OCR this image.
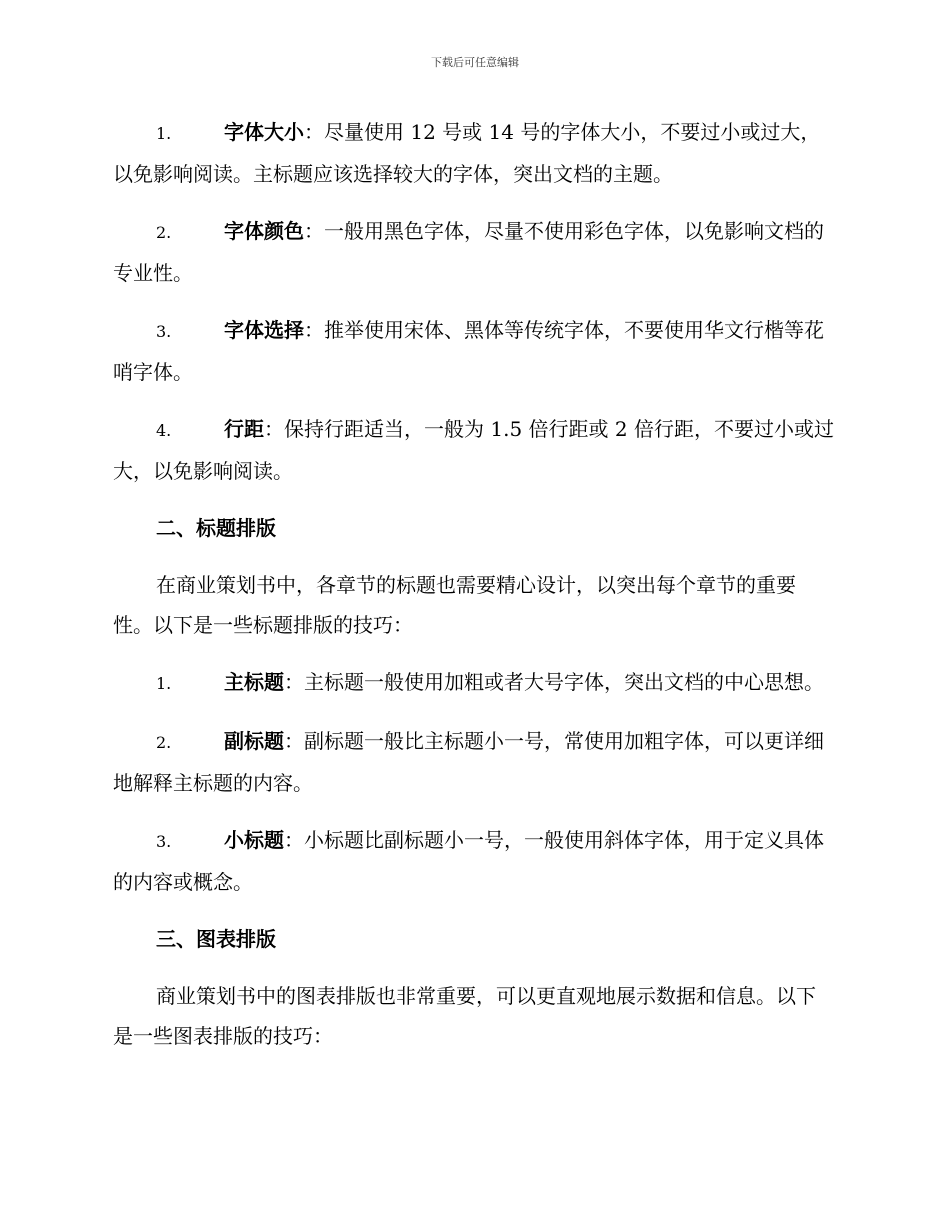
下载后可任意编辑

1.	字体大小：尽量使用 12 号或 14 号的字体大小，不要过小或过大，以免影响阅读。主标题应该选择较大的字体，突出文档的主题。

2.	字体颜色：一般用黑色字体，尽量不使用彩色字体，以免影响文档的专业性。

3.	字体选择：推举使用宋体、黑体等传统字体，不要使用华文行楷等花哨字体。

4.	行距：保持行距适当，一般为 1.5 倍行距或 2 倍行距，不要过小或过大，以免影响阅读。

二、标题排版

在商业策划书中，各章节的标题也需要精心设计，以突出每个章节的重要性。以下是一些标题排版的技巧：

1.	主标题：主标题一般使用加粗或者大号字体，突出文档的中心思想。

2.	副标题：副标题一般比主标题小一号，常使用加粗字体，可以更详细地解释主标题的内容。

3.	小标题：小标题比副标题小一号，一般使用斜体字体，用于定义具体的内容或概念。

三、图表排版

商业策划书中的图表排版也非常重要，可以更直观地展示数据和信息。以下是一些图表排版的技巧：
